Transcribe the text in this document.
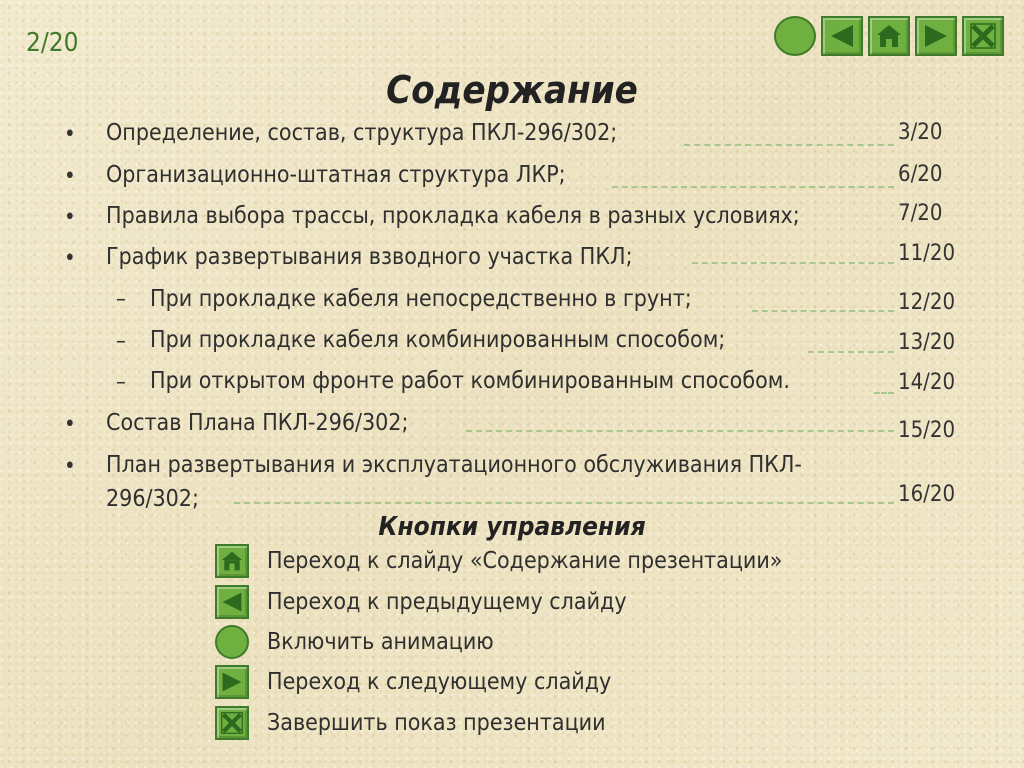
2/20
Содержание
• Определение, состав, структура ПКЛ-296/302;	3/20
• Организационно-штатная структура ЛКР;	6/20
• Правила выбора трассы, прокладка кабеля в разных условиях;	7/20
• График развертывания взводного участка ПКЛ;	11/20
– При прокладке кабеля непосредственно в грунт;	12/20
– При прокладке кабеля комбинированным способом;	13/20
– При открытом фронте работ комбинированным способом.	14/20
• Состав Плана ПКЛ-296/302;	15/20
• План развертывания и эксплуатационного обслуживания ПКЛ-
296/302;	16/20
Кнопки управления
Переход к слайду «Содержание презентации»
Переход к предыдущему слайду
Включить анимацию
Переход к следующему слайду
Завершить показ презентации
